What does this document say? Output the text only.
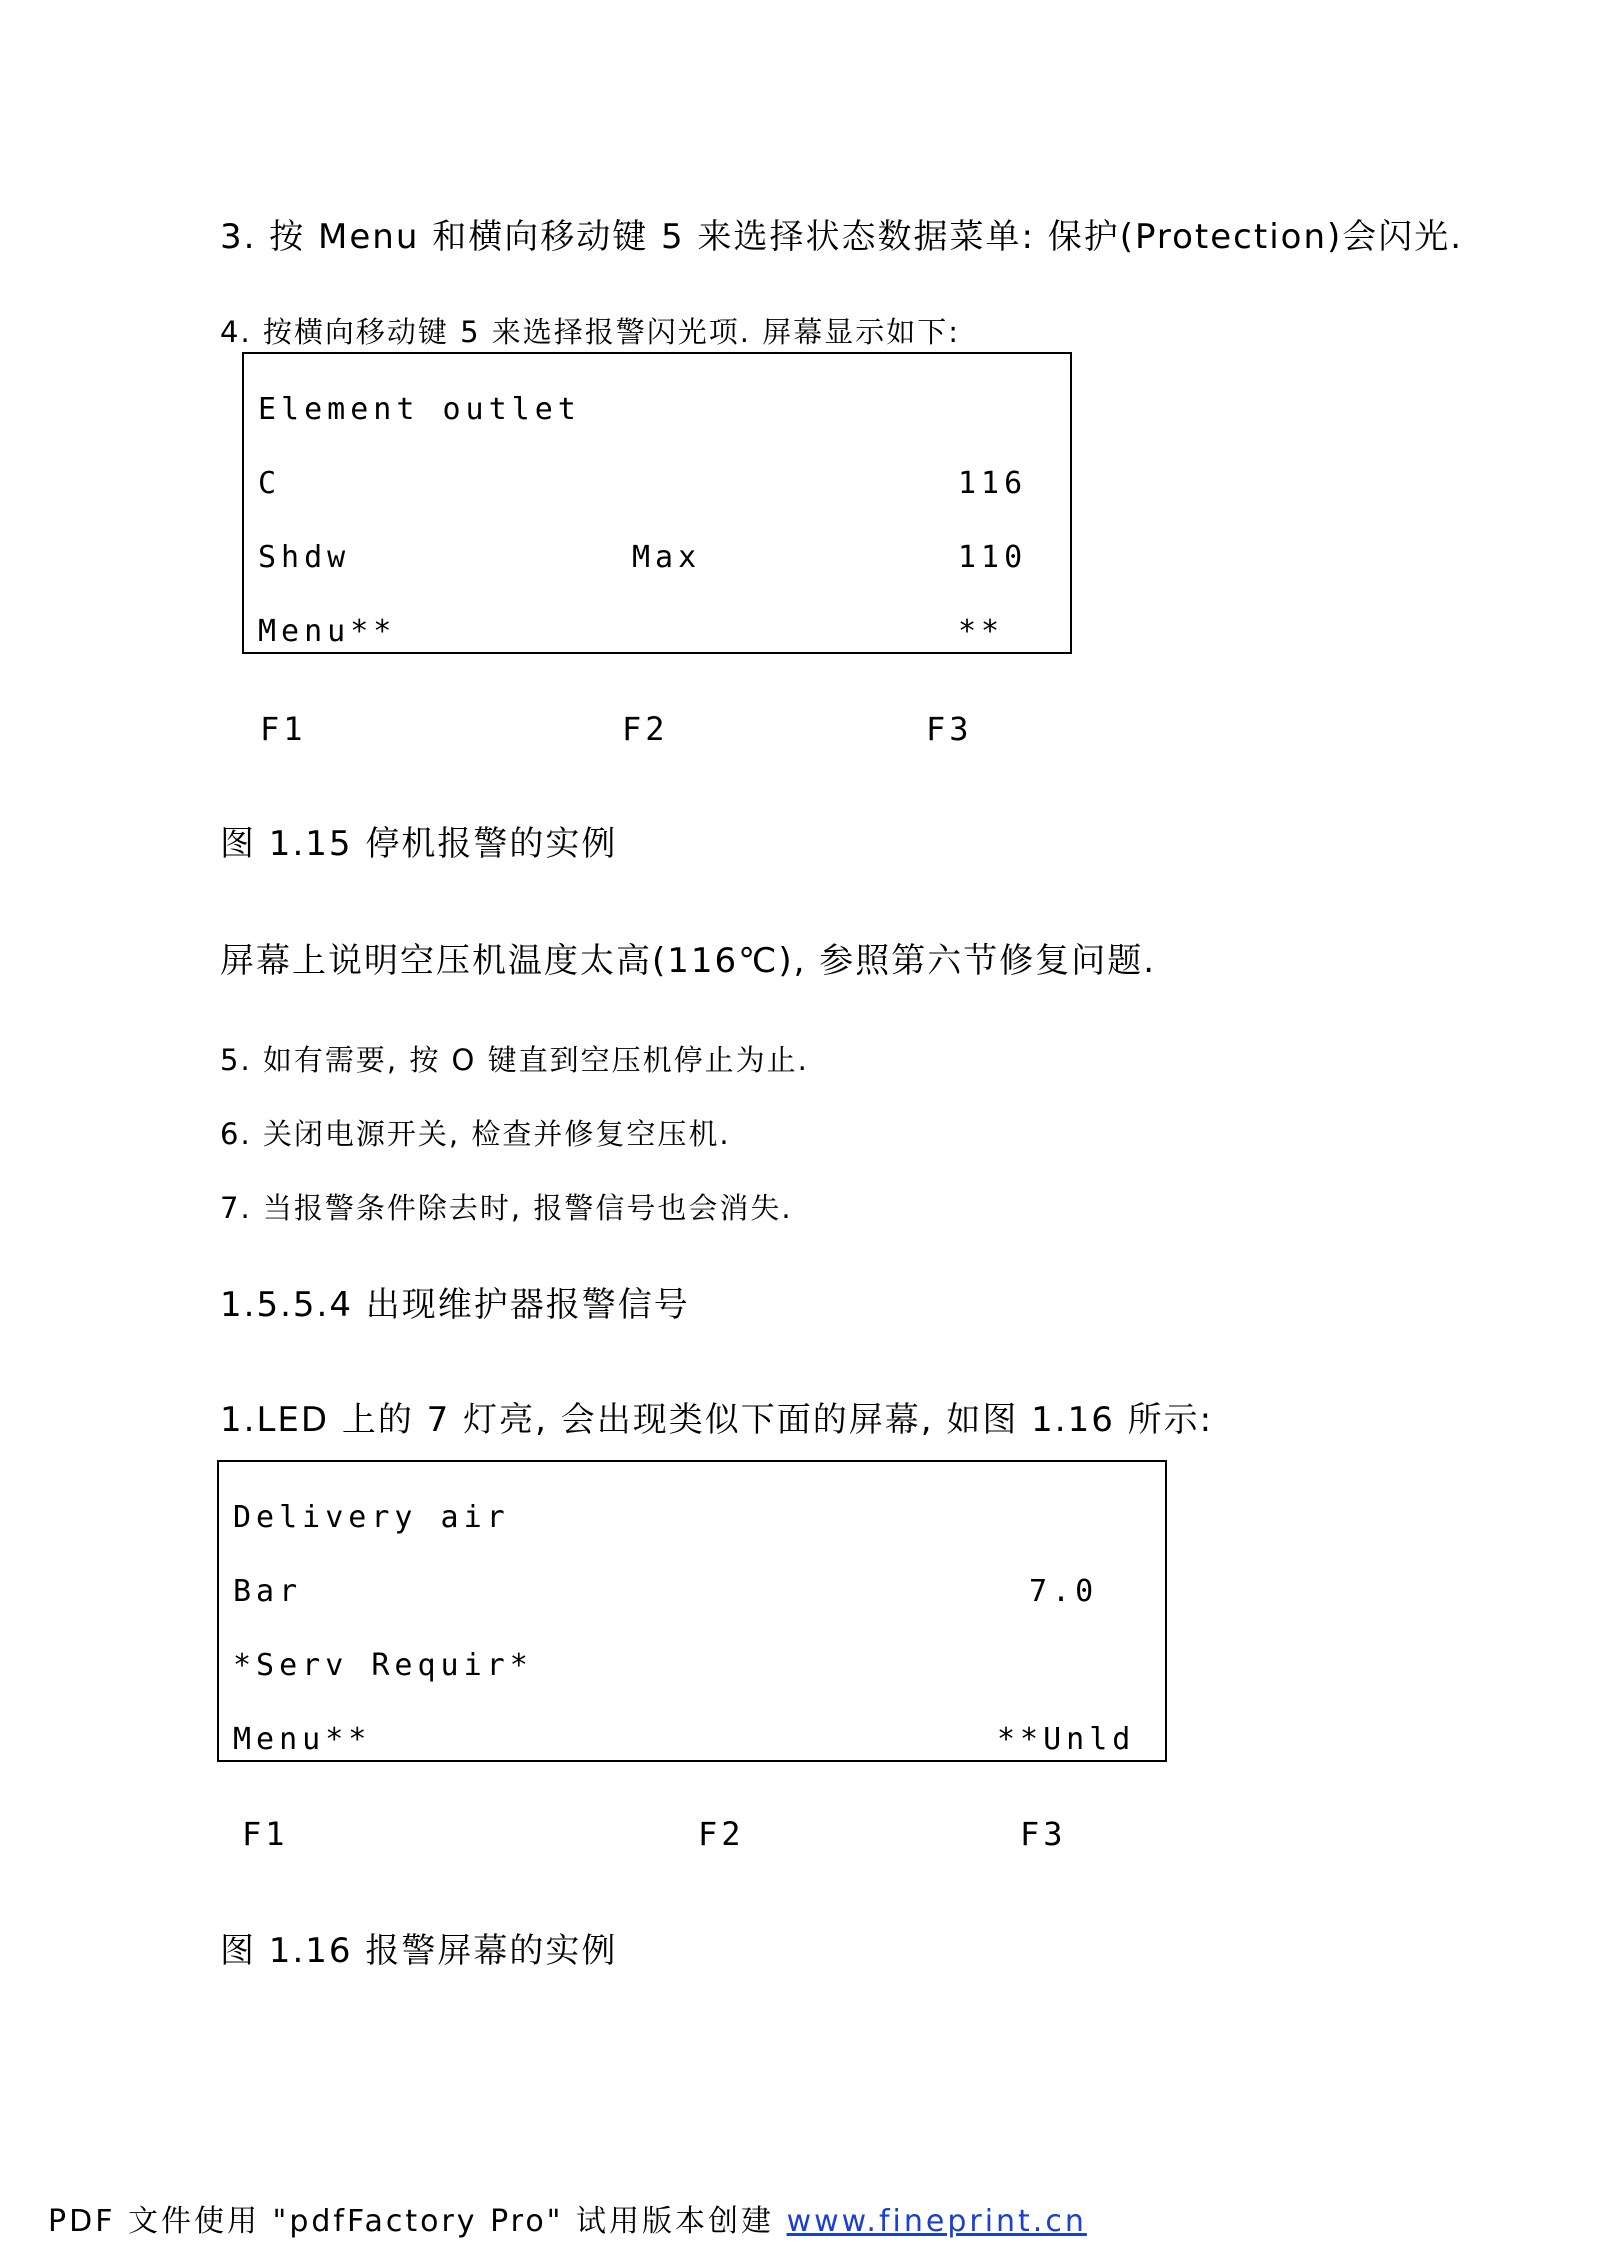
3. 按 Menu 和横向移动键 5 来选择状态数据菜单: 保护(Protection)会闪光.
4. 按横向移动键 5 来选择报警闪光项. 屏幕显示如下:
Element outlet
C	116
Shdw	Max	110
Menu**	**
F1	F2	F3
图 1.15 停机报警的实例
屏幕上说明空压机温度太高(116℃), 参照第六节修复问题.
5. 如有需要, 按 O 键直到空压机停止为止.
6. 关闭电源开关, 检查并修复空压机.
7. 当报警条件除去时, 报警信号也会消失.
1.5.5.4 出现维护器报警信号
1.LED 上的 7 灯亮, 会出现类似下面的屏幕, 如图 1.16 所示:
Delivery air
Bar	7.0
*Serv Requir*
Menu**	**Unld
F1	F2	F3
图 1.16 报警屏幕的实例
PDF 文件使用 "pdfFactory Pro" 试用版本创建 www.fineprint.cn
